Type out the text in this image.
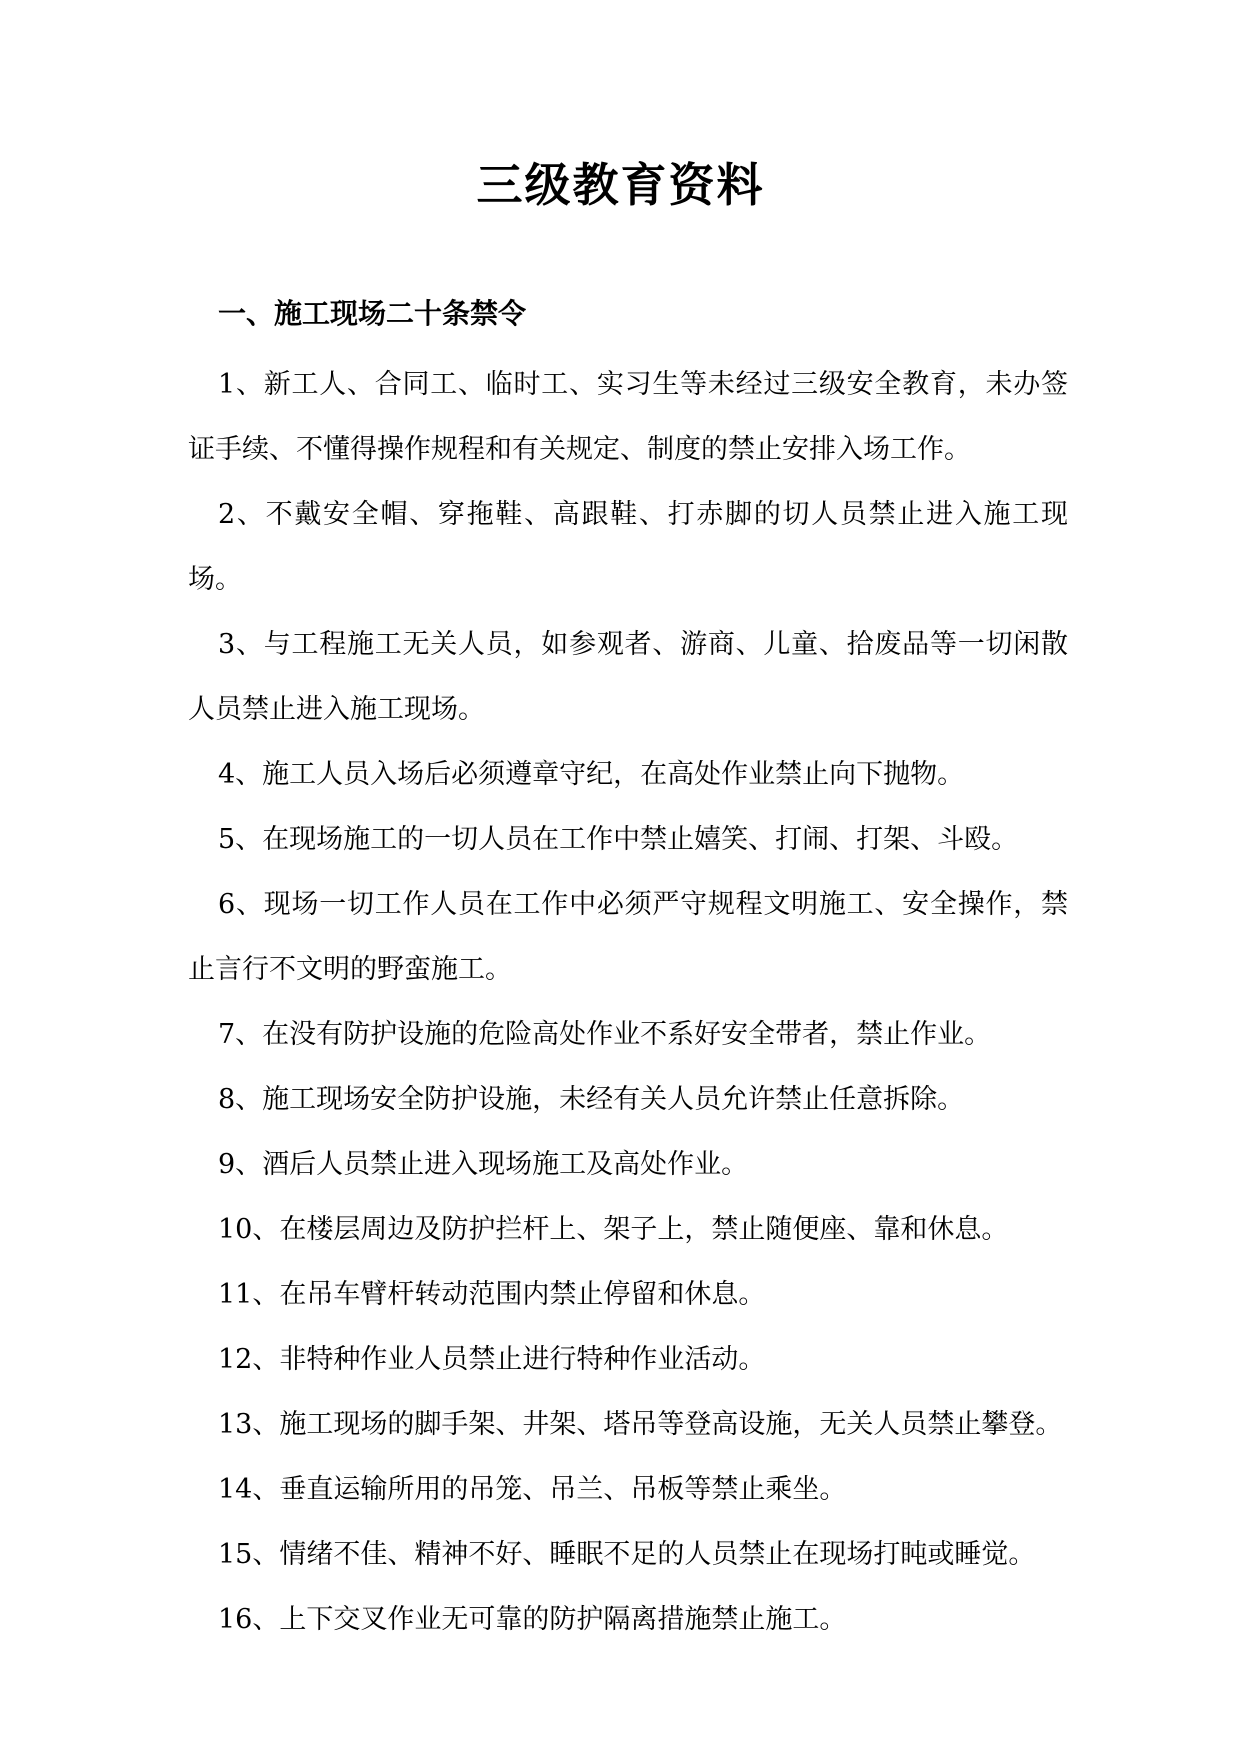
三级教育资料
一、施工现场二十条禁令

1、新工人、合同工、临时工、实习生等未经过三级安全教育，未办签证手续、不懂得操作规程和有关规定、制度的禁止安排入场工作。

2、不戴安全帽、穿拖鞋、高跟鞋、打赤脚的切人员禁止进入施工现场。

3、与工程施工无关人员，如参观者、游商、儿童、拾废品等一切闲散人员禁止进入施工现场。

4、施工人员入场后必须遵章守纪，在高处作业禁止向下抛物。

5、在现场施工的一切人员在工作中禁止嬉笑、打闹、打架、斗殴。

6、现场一切工作人员在工作中必须严守规程文明施工、安全操作，禁止言行不文明的野蛮施工。

7、在没有防护设施的危险高处作业不系好安全带者，禁止作业。

8、施工现场安全防护设施，未经有关人员允许禁止任意拆除。

9、酒后人员禁止进入现场施工及高处作业。

10、在楼层周边及防护拦杆上、架子上，禁止随便座、靠和休息。

11、在吊车臂杆转动范围内禁止停留和休息。

12、非特种作业人员禁止进行特种作业活动。

13、施工现场的脚手架、井架、塔吊等登高设施，无关人员禁止攀登。

14、垂直运输所用的吊笼、吊兰、吊板等禁止乘坐。

15、情绪不佳、精神不好、睡眠不足的人员禁止在现场打盹或睡觉。

16、上下交叉作业无可靠的防护隔离措施禁止施工。
